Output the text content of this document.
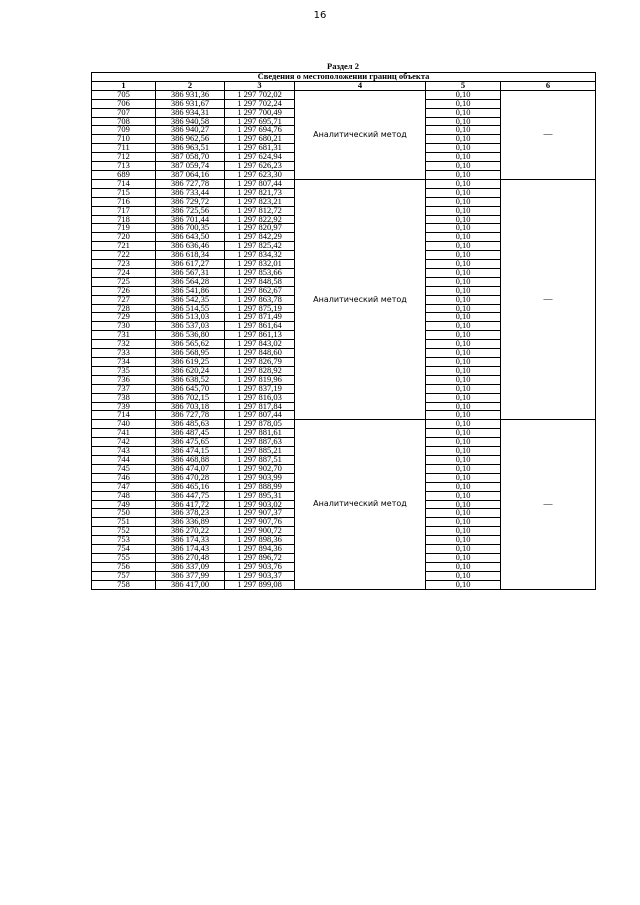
16
Раздел 2
Сведения о местоположении границ объекта					
1	2	3	4	5	6
705	386 931,36	1 297 702,02	Аналитический метод	0,10	—
706	386 931,67	1 297 702,24		0,10	
707	386 934,31	1 297 700,49		0,10	
708	386 940,58	1 297 695,71		0,10	
709	386 940,27	1 297 694,76		0,10	
710	386 962,56	1 297 680,21		0,10	
711	386 963,51	1 297 681,31		0,10	
712	387 058,70	1 297 624,94		0,10	
713	387 059,74	1 297 626,23		0,10	
689	387 064,16	1 297 623,30		0,10	
714	386 727,78	1 297 807,44	Аналитический метод	0,10	—
715	386 733,44	1 297 821,73		0,10	
716	386 729,72	1 297 823,21		0,10	
717	386 725,56	1 297 812,72		0,10	
718	386 701,44	1 297 822,92		0,10	
719	386 700,35	1 297 820,97		0,10	
720	386 643,50	1 297 842,29		0,10	
721	386 636,46	1 297 825,42		0,10	
722	386 618,34	1 297 834,32		0,10	
723	386 617,27	1 297 832,01		0,10	
724	386 567,31	1 297 853,66		0,10	
725	386 564,28	1 297 848,58		0,10	
726	386 541,86	1 297 862,67		0,10	
727	386 542,35	1 297 863,78		0,10	
728	386 514,55	1 297 875,19		0,10	
729	386 513,03	1 297 871,49		0,10	
730	386 537,03	1 297 861,64		0,10	
731	386 536,80	1 297 861,13		0,10	
732	386 565,62	1 297 843,02		0,10	
733	386 568,95	1 297 848,60		0,10	
734	386 619,25	1 297 826,79		0,10	
735	386 620,24	1 297 828,92		0,10	
736	386 638,52	1 297 819,96		0,10	
737	386 645,70	1 297 837,19		0,10	
738	386 702,15	1 297 816,03		0,10	
739	386 703,18	1 297 817,84		0,10	
714	386 727,78	1 297 807,44		0,10	
740	386 485,63	1 297 878,05	Аналитический метод	0,10	—
741	386 487,45	1 297 881,61		0,10	
742	386 475,65	1 297 887,63		0,10	
743	386 474,15	1 297 885,21		0,10	
744	386 468,88	1 297 887,51		0,10	
745	386 474,07	1 297 902,70		0,10	
746	386 470,28	1 297 903,99		0,10	
747	386 465,16	1 297 888,99		0,10	
748	386 447,75	1 297 895,31		0,10	
749	386 417,72	1 297 903,02		0,10	
750	386 378,23	1 297 907,37		0,10	
751	386 336,89	1 297 907,76		0,10	
752	386 270,22	1 297 900,72		0,10	
753	386 174,33	1 297 898,36		0,10	
754	386 174,43	1 297 894,36		0,10	
755	386 270,48	1 297 896,72		0,10	
756	386 337,09	1 297 903,76		0,10	
757	386 377,99	1 297 903,37		0,10	
758	386 417,00	1 297 899,08		0,10	
